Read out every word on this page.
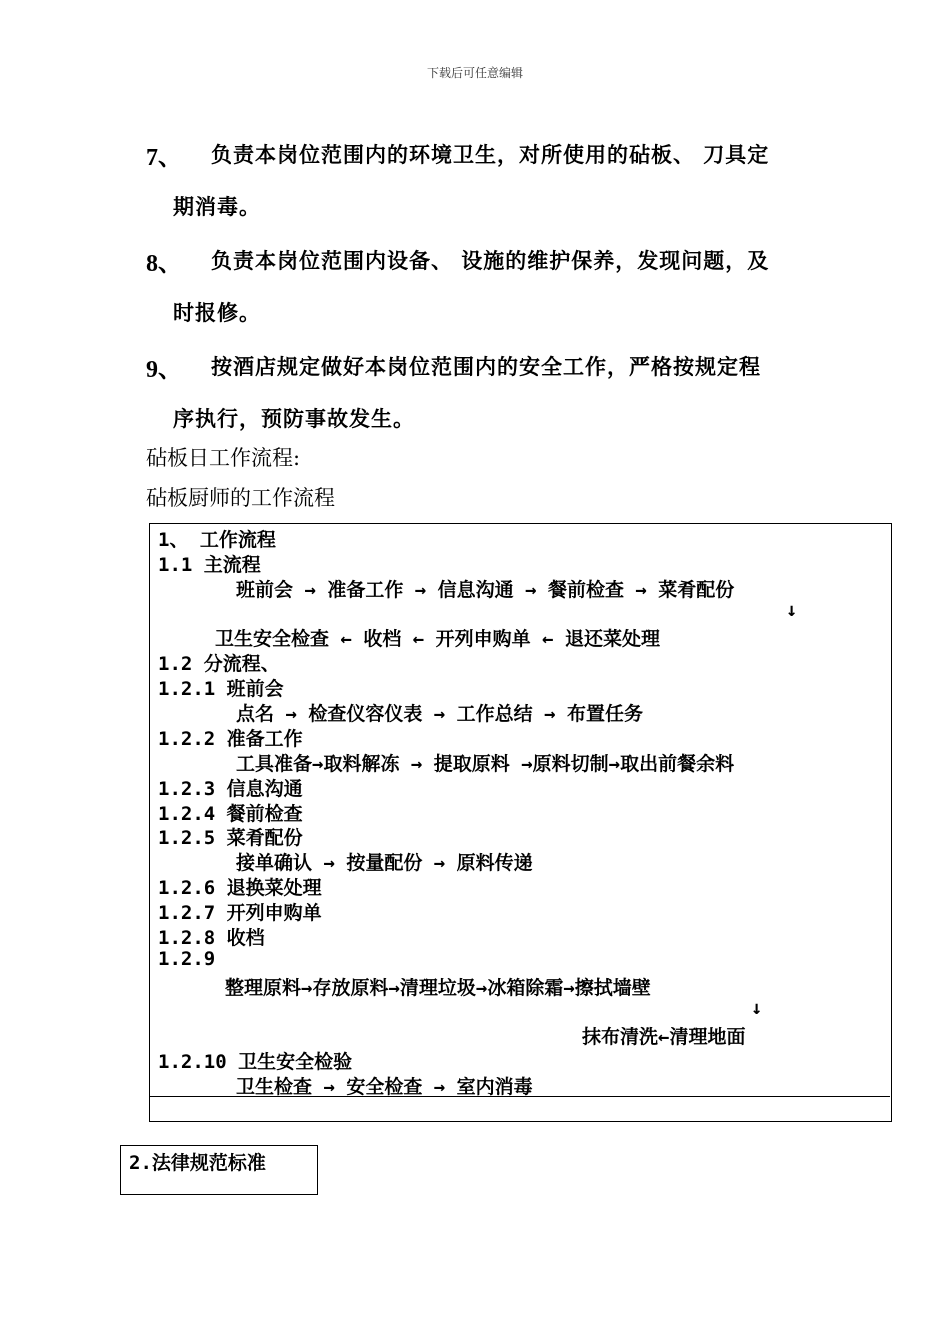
下载后可任意编辑
7、 负责本岗位范围内的环境卫生，对所使用的砧板、 刀具定
期消毒。
8、 负责本岗位范围内设备、 设施的维护保养，发现问题，及
时报修。
9、 按酒店规定做好本岗位范围内的安全工作，严格按规定程
序执行，预防事故发生。
砧板日工作流程:
砧板厨师的工作流程
1、 工作流程
1.1 主流程
班前会 → 准备工作 → 信息沟通 → 餐前检查 → 菜肴配份
↓
卫生安全检查 ← 收档 ← 开列申购单 ← 退还菜处理
1.2 分流程、
1.2.1 班前会
点名 → 检查仪容仪表 → 工作总结 → 布置任务
1.2.2 准备工作
工具准备→取料解冻 → 提取原料 →原料切制→取出前餐余料
1.2.3 信息沟通
1.2.4 餐前检查
1.2.5 菜肴配份
接单确认 → 按量配份 → 原料传递
1.2.6 退换菜处理
1.2.7 开列申购单
1.2.8 收档
1.2.9
整理原料→存放原料→清理垃圾→冰箱除霜→擦拭墙壁
↓
抹布清洗←清理地面
1.2.10 卫生安全检验
卫生检查 → 安全检查 → 室内消毒
2.法律规范标准
